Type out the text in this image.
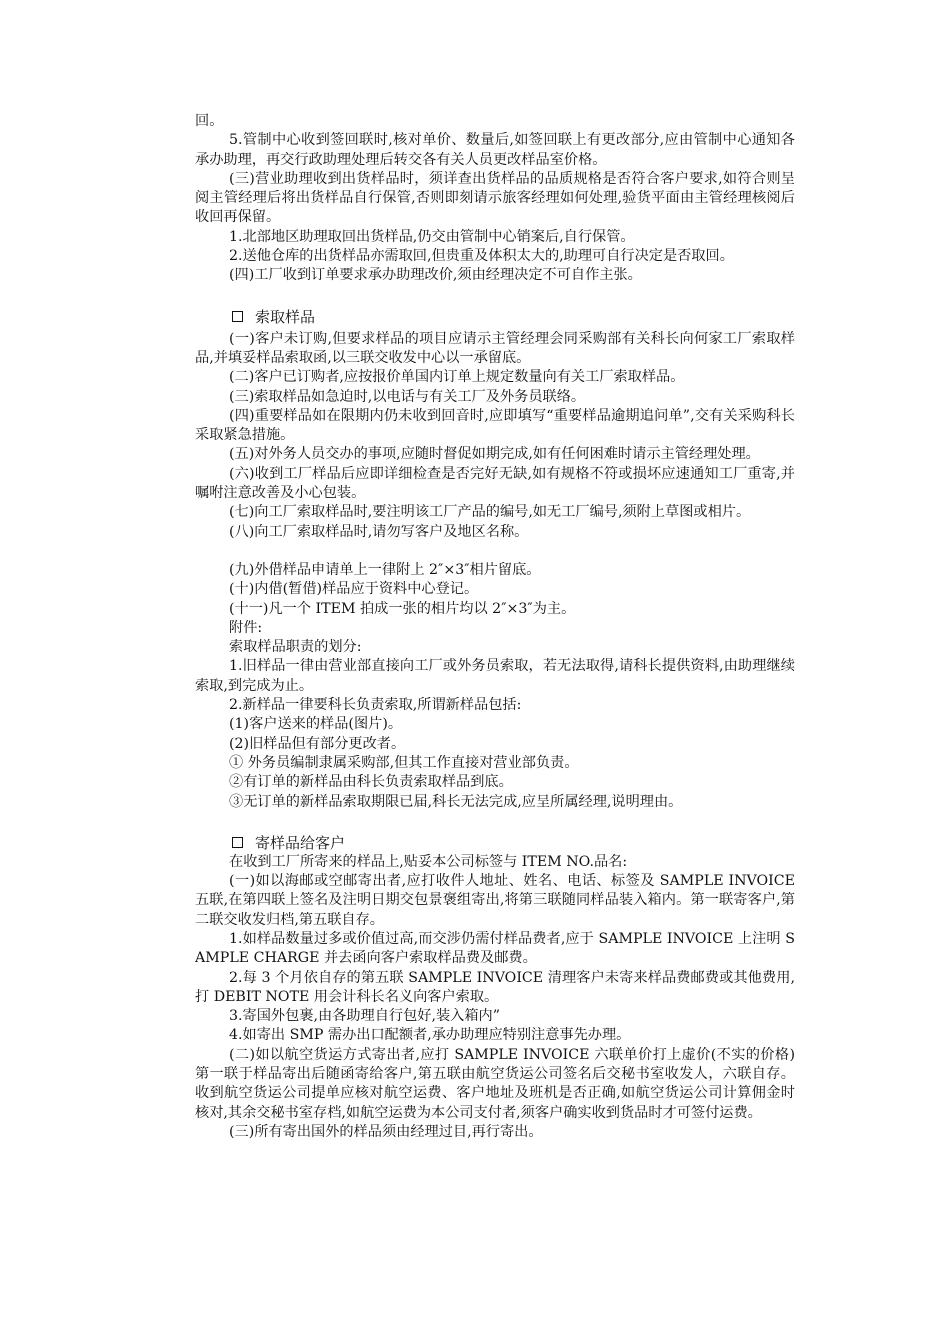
回。

5.管制中心收到签回联时,核对单价、数量后,如签回联上有更改部分,应由管制中心通知各承办助理，再交行政助理处理后转交各有关人员更改样品室价格。

(三)营业助理收到出货样品时，须详查出货样品的品质规格是否符合客户要求,如符合则呈阅主管经理后将出货样品自行保管,否则即刻请示旅客经理如何处理,验货平面由主管经理核阅后收回再保留。

1.北部地区助理取回出货样品,仍交由管制中心销案后,自行保管。

2.送他仓库的出货样品亦需取回,但贵重及体积太大的,助理可自行决定是否取回。

(四)工厂收到订单要求承办助理改价,须由经理决定不可自作主张。

索取样品

(一)客户未订购,但要求样品的项目应请示主管经理会同采购部有关科长向何家工厂索取样品,并填妥样品索取函,以三联交收发中心以一承留底。

(二)客户已订购者,应按报价单国内订单上规定数量向有关工厂索取样品。

(三)索取样品如急迫时,以电话与有关工厂及外务员联络。

(四)重要样品如在限期内仍未收到回音时,应即填写“重要样品逾期追问单”,交有关采购科长采取紧急措施。

(五)对外务人员交办的事项,应随时督促如期完成,如有任何困难时请示主管经理处理。

(六)收到工厂样品后应即详细检查是否完好无缺,如有规格不符或损坏应速通知工厂重寄,并嘱咐注意改善及小心包装。

(七)向工厂索取样品时,要注明该工厂产品的编号,如无工厂编号,须附上草图或相片。

(八)向工厂索取样品时,请勿写客户及地区名称。

(九)外借样品申请单上一律附上 2″×3″相片留底。

(十)内借(暂借)样品应于资料中心登记。

(十一)凡一个 ITEM 拍成一张的相片均以 2″×3″为主。

附件:

索取样品职责的划分:

1.旧样品一律由营业部直接向工厂或外务员索取，若无法取得,请科长提供资料,由助理继续索取,到完成为止。

2.新样品一律要科长负责索取,所谓新样品包括:

(1)客户送来的样品(图片)。

(2)旧样品但有部分更改者。

① 外务员编制隶属采购部,但其工作直接对营业部负责。

②有订单的新样品由科长负责索取样品到底。

③无订单的新样品索取期限已届,科长无法完成,应呈所属经理,说明理由。

寄样品给客户

在收到工厂所寄来的样品上,贴妥本公司标签与 ITEM NO.品名:

(一)如以海邮或空邮寄出者,应打收件人地址、姓名、电话、标签及 SAMPLE INVOICE 五联,在第四联上签名及注明日期交包景褒组寄出,将第三联随同样品装入箱内。第一联寄客户,第二联交收发归档,第五联自存。

1.如样品数量过多或价值过高,而交涉仍需付样品费者,应于 SAMPLE INVOICE 上注明 SAMPLE CHARGE 并去函向客户索取样品费及邮费。

2.每 3 个月依自存的第五联 SAMPLE INVOICE 清理客户未寄来样品费邮费或其他费用,打 DEBIT NOTE 用会计科长名义向客户索取。

3.寄国外包裹,由各助理自行包好,装入箱内”

4.如寄出 SMP 需办出口配额者,承办助理应特别注意事先办理。

(二)如以航空货运方式寄出者,应打 SAMPLE INVOICE 六联单价打上虚价(不实的价格)第一联于样品寄出后随函寄给客户,第五联由航空货运公司签名后交秘书室收发人，六联自存。收到航空货运公司提单应核对航空运费、客户地址及班机是否正确,如航空货运公司计算佣金时核对,其余交秘书室存档,如航空运费为本公司支付者,须客户确实收到货品时才可签付运费。

(三)所有寄出国外的样品须由经理过目,再行寄出。
